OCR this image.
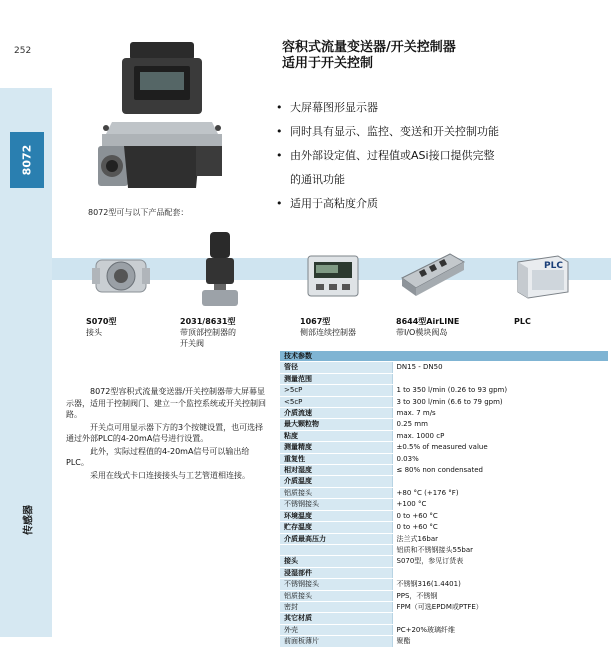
252
8072
传感器
容积式流量变送器/开关控制器
适用于开关控制
• 大屏幕图形显示器
• 同时具有显示、监控、变送和开关控制功能
• 由外部设定值、过程值或ASi接口提供完整
的通讯功能
• 适用于高粘度介质
8072型可与以下产品配套：
PLC
S070型
接头
2031/8631型
带顶部控制器的
开关阀
1067型
侧部连续控制器
8644型AirLINE
带I/O模块阀岛
PLC

8072型容积式流量变送器/开关控制器带大屏幕显示器，适用于控制阀门、建立一个监控系统或开关控制回路。

开关点可用显示器下方的3个按键设置，也可选择通过外部PLC的4-20mA信号进行设置。

此外，实际过程值的4-20mA信号可以输出给PLC。

采用在线式卡口连接接头与工艺管道相连接。

技术参数	
管径	DN15 - DN50
测量范围	
>5cP	1 to 350 l/min (0.26 to 93 gpm)
<5cP	3 to 300 l/min (6.6 to 79 gpm)
介质流速	max. 7 m/s
最大颗粒物	0.25 mm
粘度	max. 1000 cP
测量精度	±0.5% of measured value
重复性	0.03%
相对湿度	≤ 80% non condensated
介质温度	
铝质接头	+80 °C (+176 °F)
不锈钢接头	+100 °C
环境温度	0 to +60 °C
贮存温度	0 to +60 °C
介质最高压力	法兰式16bar
	铝质和不锈钢接头55bar
接头	S070型，参见订货表
浸湿部件	
不锈钢接头	不锈钢316(1.4401)
铝质接头	PPS，不锈钢
密封	FPM（可选EPDM或PTFE）
其它材质	
外壳	PC+20%玻璃纤维
前面板薄片	聚酯
